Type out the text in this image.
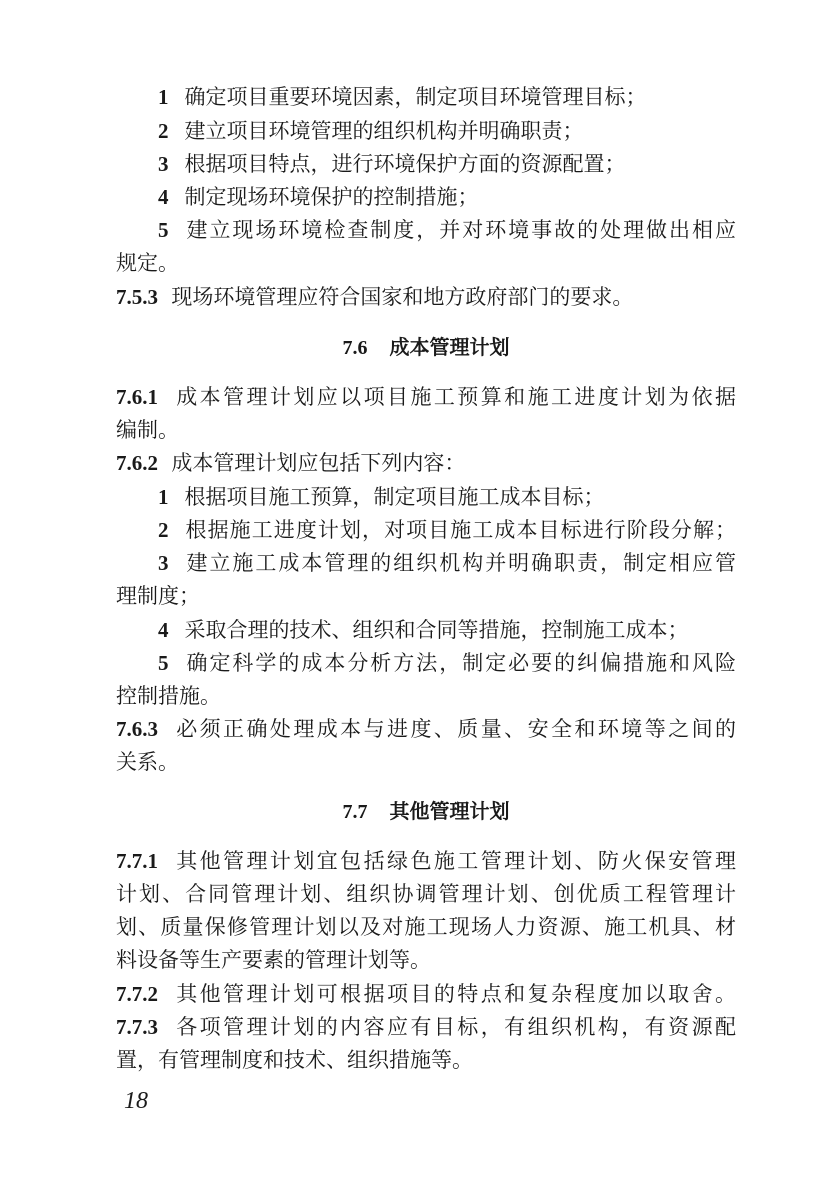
1 确定项目重要环境因素，制定项目环境管理目标；
2 建立项目环境管理的组织机构并明确职责；
3 根据项目特点，进行环境保护方面的资源配置；
4 制定现场环境保护的控制措施；
5 建立现场环境检查制度，并对环境事故的处理做出相应
规定。
7.5.3 现场环境管理应符合国家和地方政府部门的要求。
7.6 成本管理计划
7.6.1 成本管理计划应以项目施工预算和施工进度计划为依据
编制。
7.6.2 成本管理计划应包括下列内容：
1 根据项目施工预算，制定项目施工成本目标；
2 根据施工进度计划，对项目施工成本目标进行阶段分解；
3 建立施工成本管理的组织机构并明确职责，制定相应管
理制度；
4 采取合理的技术、组织和合同等措施，控制施工成本；
5 确定科学的成本分析方法，制定必要的纠偏措施和风险
控制措施。
7.6.3 必须正确处理成本与进度、质量、安全和环境等之间的
关系。
7.7 其他管理计划
7.7.1 其他管理计划宜包括绿色施工管理计划、防火保安管理
计划、合同管理计划、组织协调管理计划、创优质工程管理计
划、质量保修管理计划以及对施工现场人力资源、施工机具、材
料设备等生产要素的管理计划等。
7.7.2 其他管理计划可根据项目的特点和复杂程度加以取舍。
7.7.3 各项管理计划的内容应有目标，有组织机构，有资源配
置，有管理制度和技术、组织措施等。
18
